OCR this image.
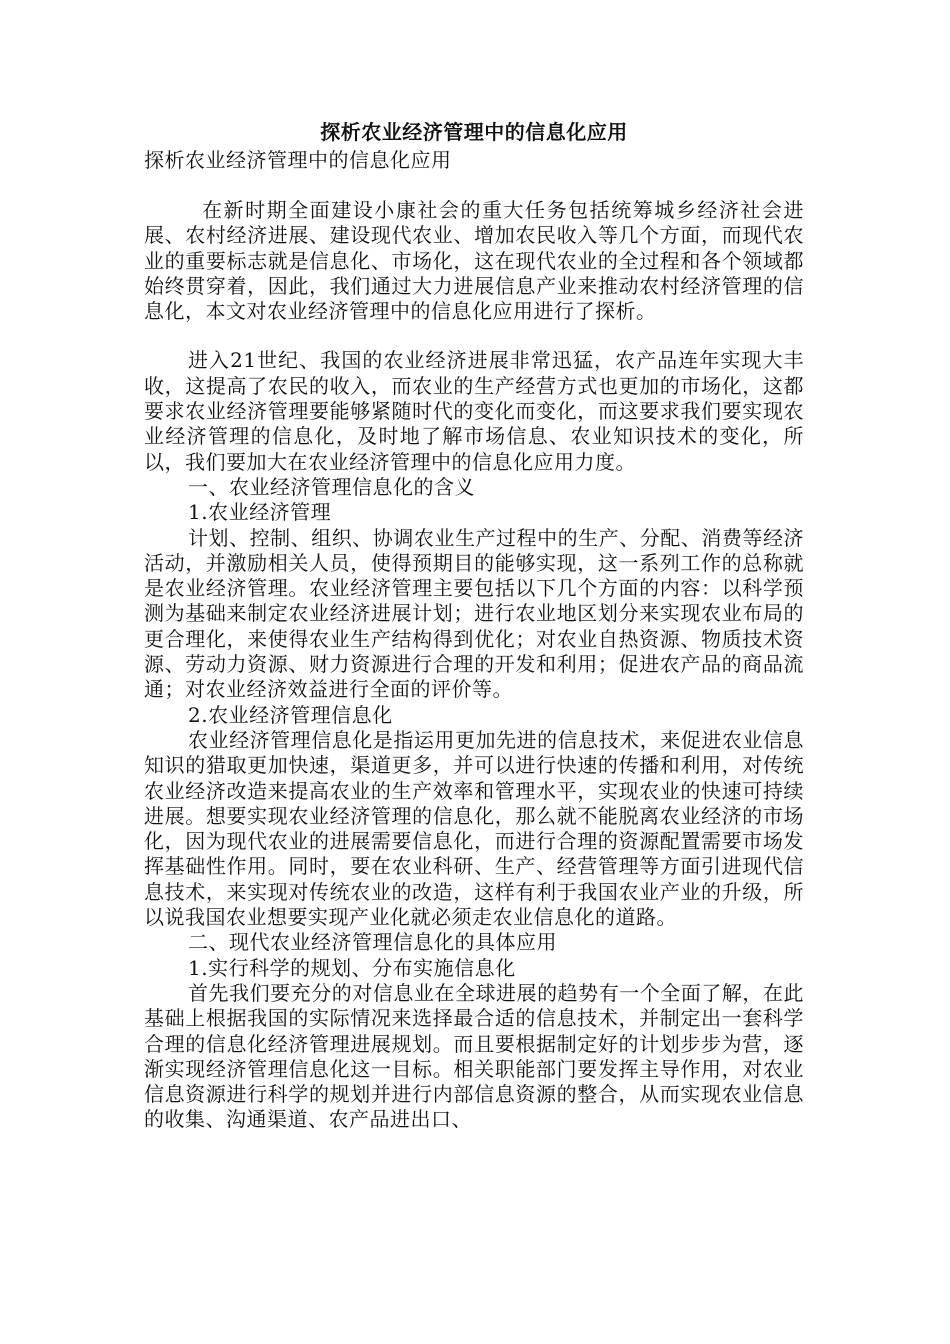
探析农业经济管理中的信息化应用
探析农业经济管理中的信息化应用

在新时期全面建设小康社会的重大任务包括统筹城乡经济社会进展、农村经济进展、建设现代农业、增加农民收入等几个方面，而现代农业的重要标志就是信息化、市场化，这在现代农业的全过程和各个领域都始终贯穿着，因此，我们通过大力进展信息产业来推动农村经济管理的信息化，本文对农业经济管理中的信息化应用进行了探析。

进入21世纪、我国的农业经济进展非常迅猛，农产品连年实现大丰收，这提高了农民的收入，而农业的生产经营方式也更加的市场化，这都要求农业经济管理要能够紧随时代的变化而变化，而这要求我们要实现农业经济管理的信息化，及时地了解市场信息、农业知识技术的变化，所以，我们要加大在农业经济管理中的信息化应用力度。

一、农业经济管理信息化的含义

1.农业经济管理

计划、控制、组织、协调农业生产过程中的生产、分配、消费等经济活动，并激励相关人员，使得预期目的能够实现，这一系列工作的总称就是农业经济管理。农业经济管理主要包括以下几个方面的内容：以科学预测为基础来制定农业经济进展计划；进行农业地区划分来实现农业布局的更合理化，来使得农业生产结构得到优化；对农业自热资源、物质技术资源、劳动力资源、财力资源进行合理的开发和利用；促进农产品的商品流通；对农业经济效益进行全面的评价等。

2.农业经济管理信息化

农业经济管理信息化是指运用更加先进的信息技术，来促进农业信息知识的猎取更加快速，渠道更多，并可以进行快速的传播和利用，对传统农业经济改造来提高农业的生产效率和管理水平，实现农业的快速可持续进展。想要实现农业经济管理的信息化，那么就不能脱离农业经济的市场化，因为现代农业的进展需要信息化，而进行合理的资源配置需要市场发挥基础性作用。同时，要在农业科研、生产、经营管理等方面引进现代信息技术，来实现对传统农业的改造，这样有利于我国农业产业的升级，所以说我国农业想要实现产业化就必须走农业信息化的道路。

二、现代农业经济管理信息化的具体应用

1.实行科学的规划、分布实施信息化

首先我们要充分的对信息业在全球进展的趋势有一个全面了解，在此基础上根据我国的实际情况来选择最合适的信息技术，并制定出一套科学合理的信息化经济管理进展规划。而且要根据制定好的计划步步为营，逐渐实现经济管理信息化这一目标。相关职能部门要发挥主导作用，对农业信息资源进行科学的规划并进行内部信息资源的整合，从而实现农业信息的收集、沟通渠道、农产品进出口、
